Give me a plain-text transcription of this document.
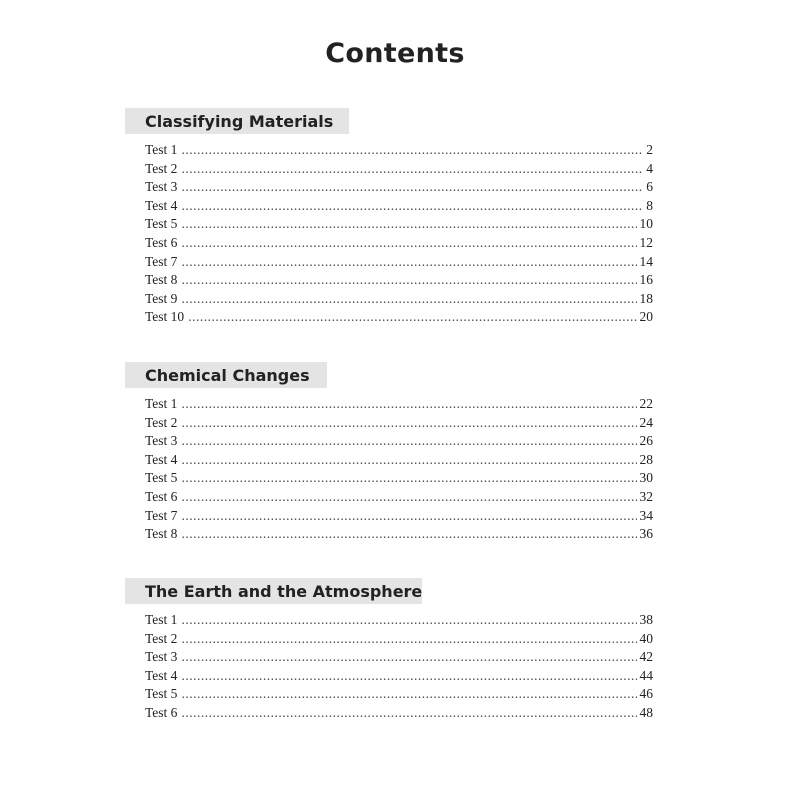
Contents
Classifying Materials
Test 1 .....	2
Test 2 .....	4
Test 3 .....	6
Test 4 .....	8
Test 5 .....	10
Test 6 .....	12
Test 7 .....	14
Test 8 .....	16
Test 9 .....	18
Test 10 .....	20
Chemical Changes
Test 1 .....	22
Test 2 .....	24
Test 3 .....	26
Test 4 .....	28
Test 5 .....	30
Test 6 .....	32
Test 7 .....	34
Test 8 .....	36
The Earth and the Atmosphere
Test 1 .....	38
Test 2 .....	40
Test 3 .....	42
Test 4 .....	44
Test 5 .....	46
Test 6 .....	48
